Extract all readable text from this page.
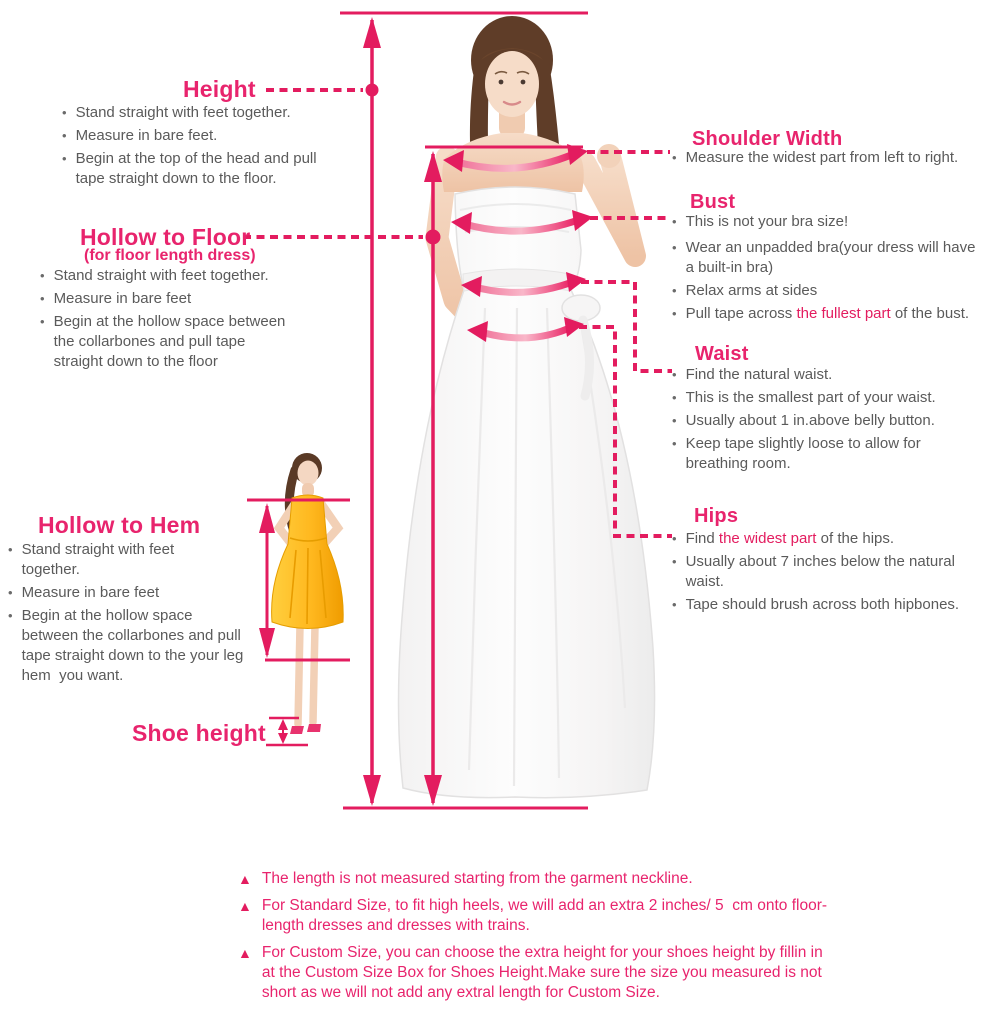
Height
• Stand straight with feet together.
• Measure in bare feet.
• Begin at the top of the head and pull tape straight down to the floor.
Hollow to Floor
(for floor length dress)
• Stand straight with feet together.
• Measure in bare feet
• Begin at the hollow space between the collarbones and pull tape straight down to the floor
Hollow to Hem
• Stand straight with feet together.
• Measure in bare feet
• Begin at the hollow space between the collarbones and pull tape straight down to the your leg hem  you want.
Shoe height
Shoulder Width
• Measure the widest part from left to right.
Bust
• This is not your bra size!
• Wear an unpadded bra(your dress will have a built-in bra)
• Relax arms at sides
• Pull tape across the fullest part of the bust.
Waist
• Find the natural waist.
• This is the smallest part of your waist.
• Usually about 1 in.above belly button.
• Keep tape slightly loose to allow for breathing room.
Hips
• Find the widest part of the hips.
• Usually about 7 inches below the natural waist.
• Tape should brush across both hipbones.
▲ The length is not measured starting from the garment neckline.
▲ For Standard Size, to fit high heels, we will add an extra 2 inches/ 5  cm onto floor-length dresses and dresses with trains.
▲ For Custom Size, you can choose the extra height for your shoes height by fillin in at the Custom Size Box for Shoes Height.Make sure the size you measured is not short as we will not add any extral length for Custom Size.
